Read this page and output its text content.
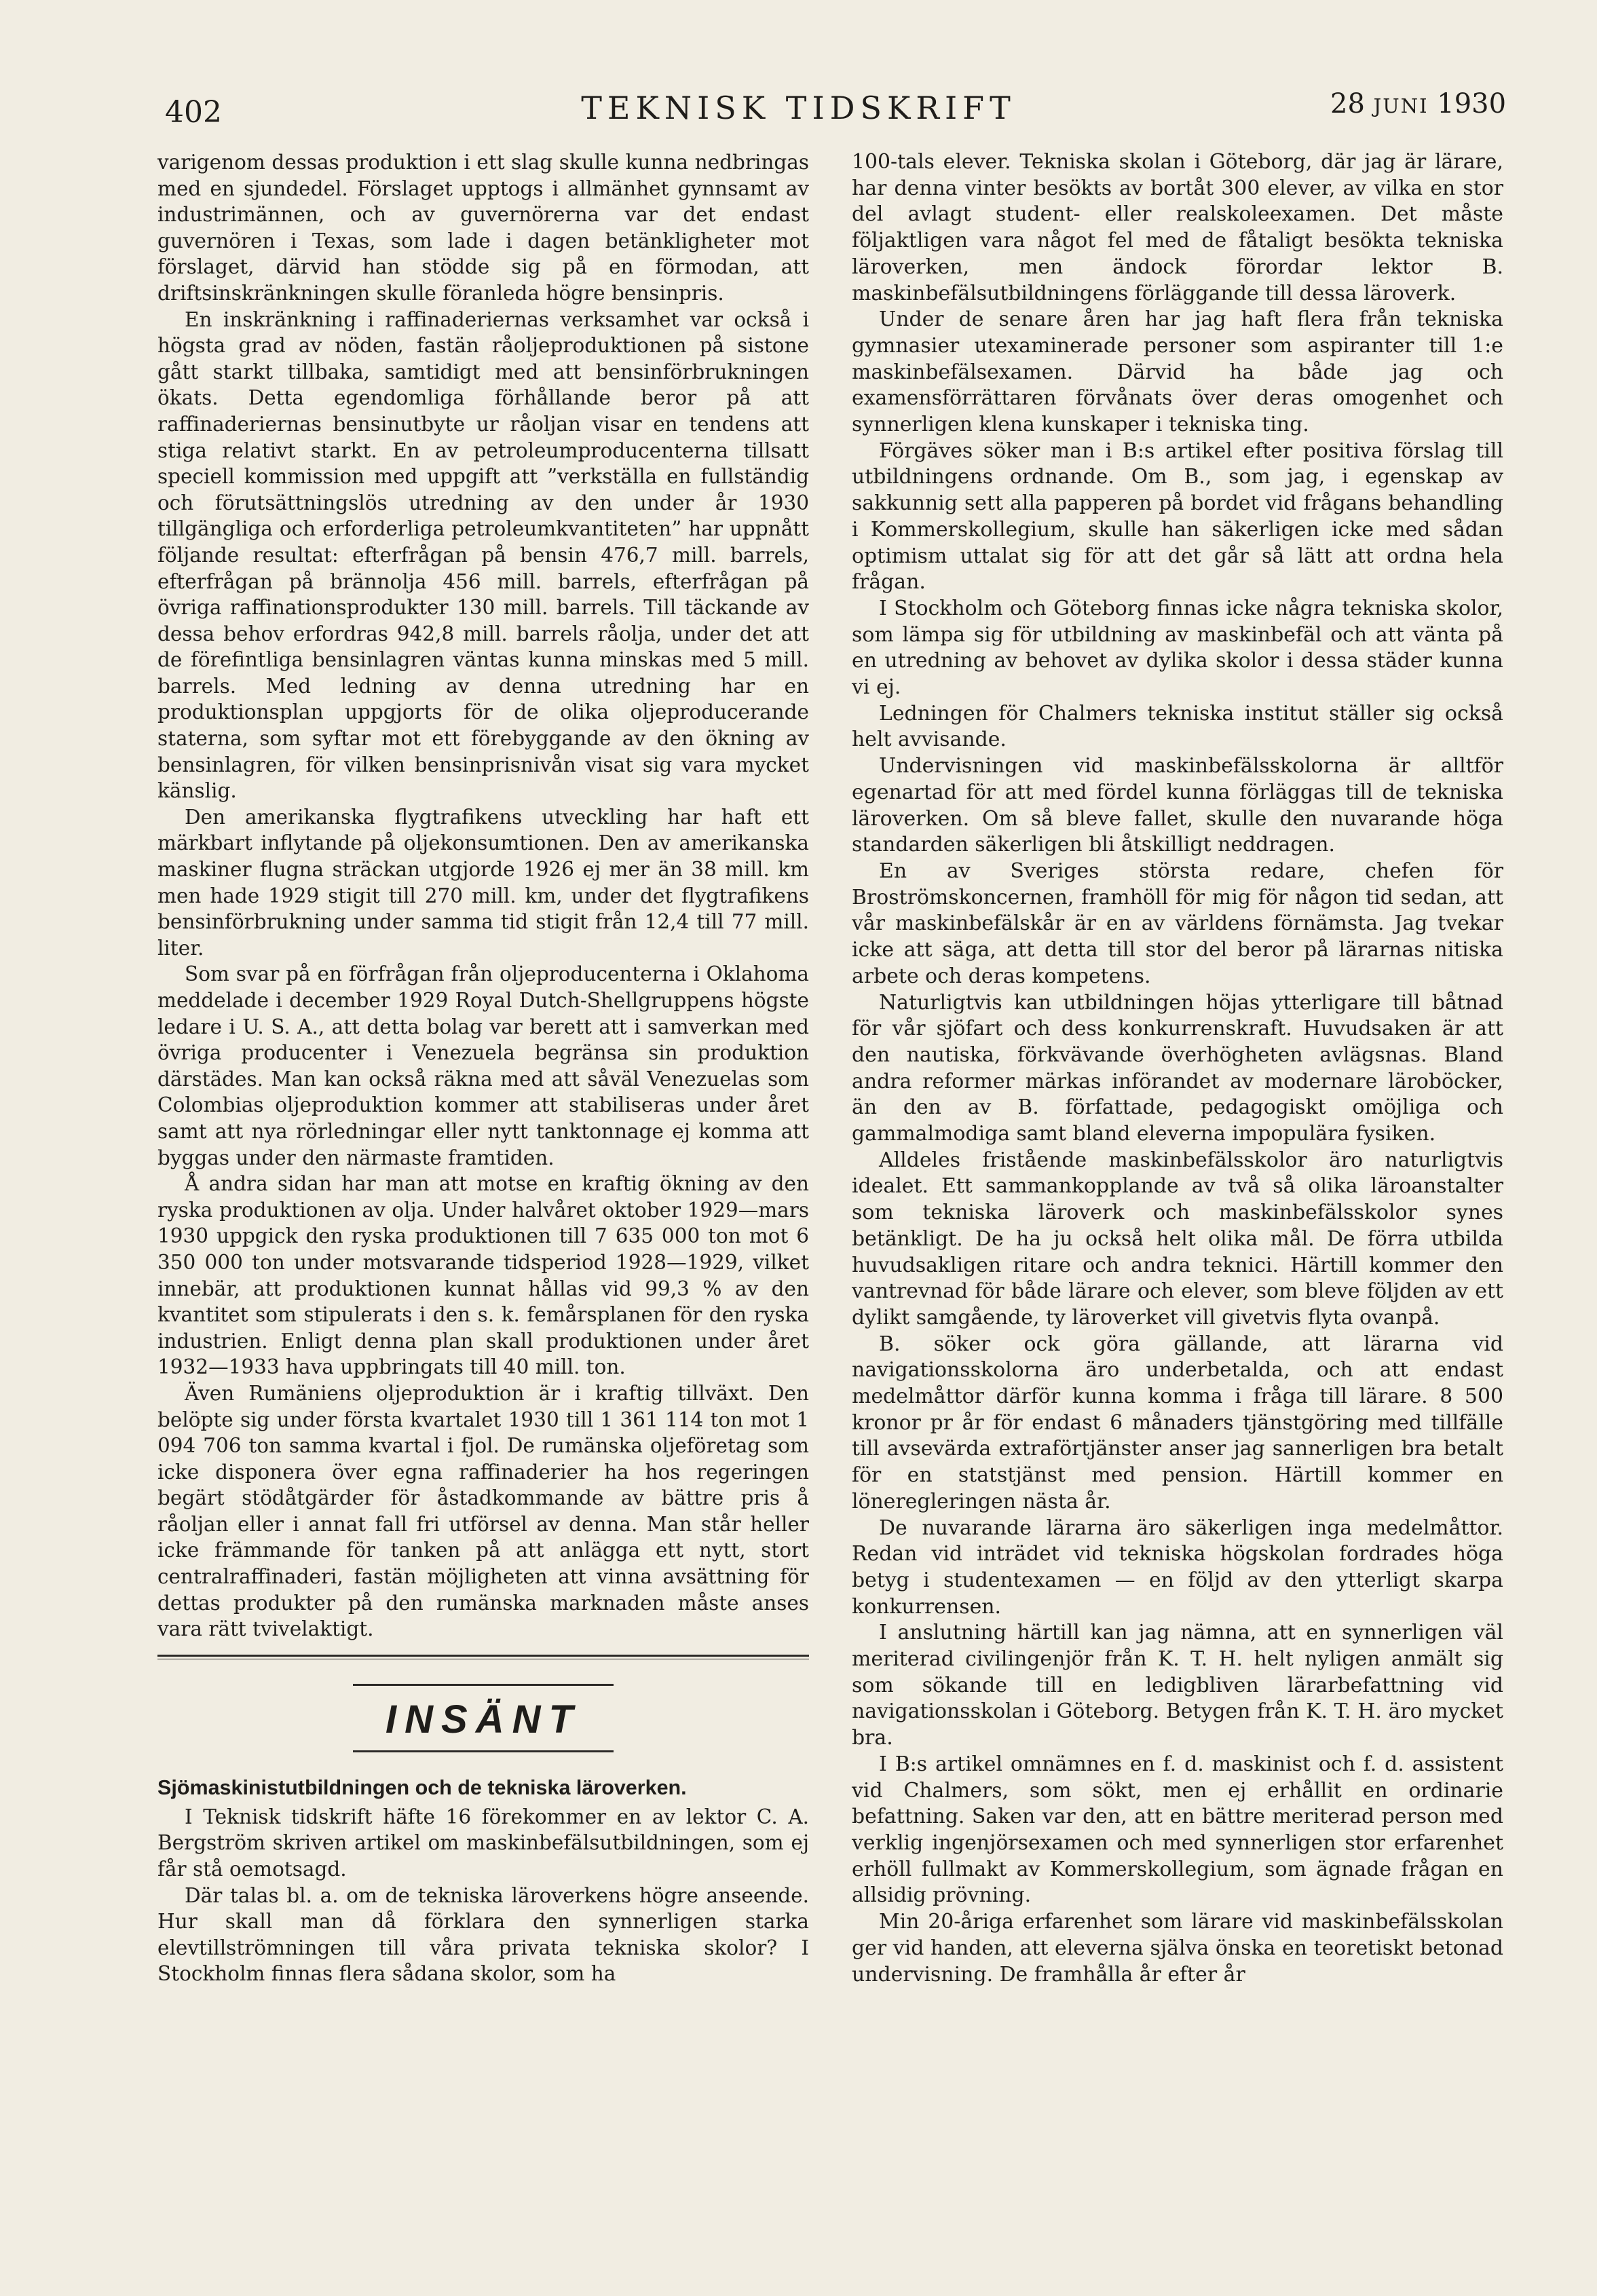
402	TEKNISK TIDSKRIFT	28 JUNI 1930

varigenom dessas produktion i ett slag skulle kunna nedbringas med en sjundedel. Förslaget upptogs i allmänhet gynnsamt av industrimännen, och av guvernörerna var det endast guvernören i Texas, som lade i dagen betänkligheter mot förslaget, därvid han stödde sig på en förmodan, att driftsinskränkningen skulle föranleda högre bensinpris.

En inskränkning i raffinaderiernas verksamhet var också i högsta grad av nöden, fastän råoljeproduktionen på sistone gått starkt tillbaka, samtidigt med att bensinförbrukningen ökats. Detta egendomliga förhållande beror på att raffinaderiernas bensinutbyte ur råoljan visar en tendens att stiga relativt starkt. En av petroleumproducenterna tillsatt speciell kommission med uppgift att ”verkställa en fullständig och förutsättningslös utredning av den under år 1930 tillgängliga och erforderliga petroleumkvantiteten” har uppnått följande resultat: efterfrågan på bensin 476,7 mill. barrels, efterfrågan på brännolja 456 mill. barrels, efterfrågan på övriga raffinationsprodukter 130 mill. barrels. Till täckande av dessa behov erfordras 942,8 mill. barrels råolja, under det att de förefintliga bensinlagren väntas kunna minskas med 5 mill. barrels. Med ledning av denna utredning har en produktionsplan uppgjorts för de olika oljeproducerande staterna, som syftar mot ett förebyggande av den ökning av bensinlagren, för vilken bensinprisnivån visat sig vara mycket känslig.

Den amerikanska flygtrafikens utveckling har haft ett märkbart inflytande på oljekonsumtionen. Den av amerikanska maskiner flugna sträckan utgjorde 1926 ej mer än 38 mill. km men hade 1929 stigit till 270 mill. km, under det flygtrafikens bensinförbrukning under samma tid stigit från 12,4 till 77 mill. liter.

Som svar på en förfrågan från oljeproducenterna i Oklahoma meddelade i december 1929 Royal Dutch-Shellgruppens högste ledare i U. S. A., att detta bolag var berett att i samverkan med övriga producenter i Venezuela begränsa sin produktion därstädes. Man kan också räkna med att såväl Venezuelas som Colombias oljeproduktion kommer att stabiliseras under året samt att nya rörledningar eller nytt tanktonnage ej komma att byggas under den närmaste framtiden.

Å andra sidan har man att motse en kraftig ökning av den ryska produktionen av olja. Under halvåret oktober 1929—mars 1930 uppgick den ryska produktionen till 7 635 000 ton mot 6 350 000 ton under motsvarande tidsperiod 1928—1929, vilket innebär, att produktionen kunnat hållas vid 99,3 % av den kvantitet som stipulerats i den s. k. femårsplanen för den ryska industrien. Enligt denna plan skall produktionen under året 1932—1933 hava uppbringats till 40 mill. ton.

Även Rumäniens oljeproduktion är i kraftig tillväxt. Den belöpte sig under första kvartalet 1930 till 1 361 114 ton mot 1 094 706 ton samma kvartal i fjol. De rumänska oljeföretag som icke disponera över egna raffinaderier ha hos regeringen begärt stödåtgärder för åstadkommande av bättre pris å råoljan eller i annat fall fri utförsel av denna. Man står heller icke främmande för tanken på att anlägga ett nytt, stort centralraffinaderi, fastän möjligheten att vinna avsättning för dettas produkter på den rumänska marknaden måste anses vara rätt tvivelaktigt.

INSÄNT
Sjömaskinistutbildningen och de tekniska läroverken.

I Teknisk tidskrift häfte 16 förekommer en av lektor C. A. Bergström skriven artikel om maskinbefälsutbildningen, som ej får stå oemotsagd.

Där talas bl. a. om de tekniska läroverkens högre anseende. Hur skall man då förklara den synnerligen starka elevtillströmningen till våra privata tekniska skolor? I Stockholm finnas flera sådana skolor, som ha

100-tals elever. Tekniska skolan i Göteborg, där jag är lärare, har denna vinter besökts av bortåt 300 elever, av vilka en stor del avlagt student- eller realskoleexamen. Det måste följaktligen vara något fel med de fåtaligt besökta tekniska läroverken, men ändock förordar lektor B. maskinbefälsutbildningens förläggande till dessa läroverk.

Under de senare åren har jag haft flera från tekniska gymnasier utexaminerade personer som aspiranter till 1:e maskinbefälsexamen. Därvid ha både jag och examensförrättaren förvånats över deras omogenhet och synnerligen klena kunskaper i tekniska ting.

Förgäves söker man i B:s artikel efter positiva förslag till utbildningens ordnande. Om B., som jag, i egenskap av sakkunnig sett alla papperen på bordet vid frågans behandling i Kommerskollegium, skulle han säkerligen icke med sådan optimism uttalat sig för att det går så lätt att ordna hela frågan.

I Stockholm och Göteborg finnas icke några tekniska skolor, som lämpa sig för utbildning av maskinbefäl och att vänta på en utredning av behovet av dylika skolor i dessa städer kunna vi ej.

Ledningen för Chalmers tekniska institut ställer sig också helt avvisande.

Undervisningen vid maskinbefälsskolorna är alltför egenartad för att med fördel kunna förläggas till de tekniska läroverken. Om så bleve fallet, skulle den nuvarande höga standarden säkerligen bli åtskilligt neddragen.

En av Sveriges största redare, chefen för Broströmskoncernen, framhöll för mig för någon tid sedan, att vår maskinbefälskår är en av världens förnämsta. Jag tvekar icke att säga, att detta till stor del beror på lärarnas nitiska arbete och deras kompetens.

Naturligtvis kan utbildningen höjas ytterligare till båtnad för vår sjöfart och dess konkurrenskraft. Huvudsaken är att den nautiska, förkvävande överhögheten avlägsnas. Bland andra reformer märkas införandet av modernare läroböcker, än den av B. författade, pedagogiskt omöjliga och gammalmodiga samt bland eleverna impopulära fysiken.

Alldeles fristående maskinbefälsskolor äro naturligtvis idealet. Ett sammankopplande av två så olika läroanstalter som tekniska läroverk och maskinbefälsskolor synes betänkligt. De ha ju också helt olika mål. De förra utbilda huvudsakligen ritare och andra teknici. Härtill kommer den vantrevnad för både lärare och elever, som bleve följden av ett dylikt samgående, ty läroverket vill givetvis flyta ovanpå.

B. söker ock göra gällande, att lärarna vid navigationsskolorna äro underbetalda, och att endast medelmåttor därför kunna komma i fråga till lärare. 8 500 kronor pr år för endast 6 månaders tjänstgöring med tillfälle till avsevärda extraförtjänster anser jag sannerligen bra betalt för en statstjänst med pension. Härtill kommer en löneregleringen nästa år.

De nuvarande lärarna äro säkerligen inga medelmåttor. Redan vid inträdet vid tekniska högskolan fordrades höga betyg i studentexamen — en följd av den ytterligt skarpa konkurrensen.

I anslutning härtill kan jag nämna, att en synnerligen väl meriterad civilingenjör från K. T. H. helt nyligen anmält sig som sökande till en ledigbliven lärarbefattning vid navigationsskolan i Göteborg. Betygen från K. T. H. äro mycket bra.

I B:s artikel omnämnes en f. d. maskinist och f. d. assistent vid Chalmers, som sökt, men ej erhållit en ordinarie befattning. Saken var den, att en bättre meriterad person med verklig ingenjörsexamen och med synnerligen stor erfarenhet erhöll fullmakt av Kommerskollegium, som ägnade frågan en allsidig prövning.

Min 20-åriga erfarenhet som lärare vid maskinbefälsskolan ger vid handen, att eleverna själva önska en teoretiskt betonad undervisning. De framhålla år efter år
